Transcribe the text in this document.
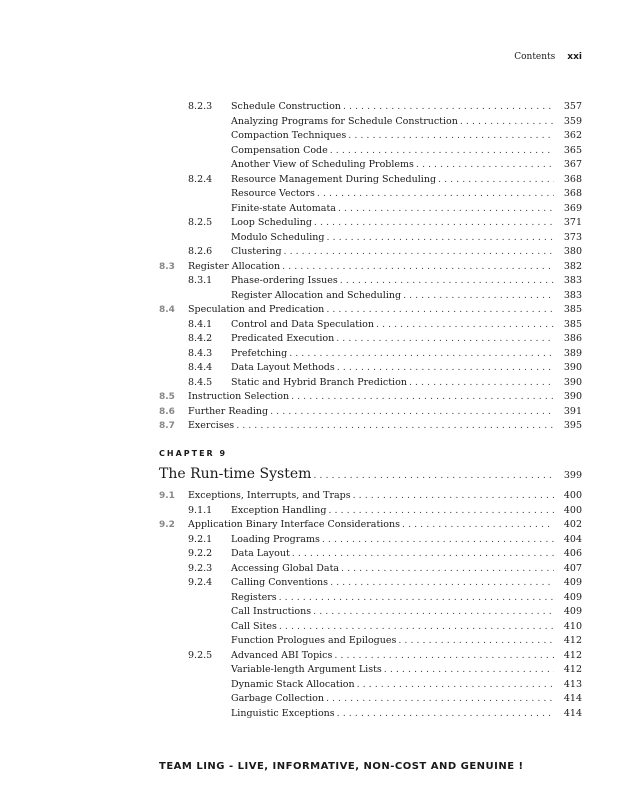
Contents xxi
8.2.3 Schedule Construction . . .	357
Analyzing Programs for Schedule Construction . . .	359
Compaction Techniques . . .	362
Compensation Code . . .	365
Another View of Scheduling Problems . . .	367
8.2.4 Resource Management During Scheduling . . .	368
Resource Vectors . . .	368
Finite-state Automata . . .	369
8.2.5 Loop Scheduling . . .	371
Modulo Scheduling . . .	373
8.2.6 Clustering . . .	380
8.3 Register Allocation . . .	382
8.3.1 Phase-ordering Issues . . .	383
Register Allocation and Scheduling . . .	383
8.4 Speculation and Predication . . .	385
8.4.1 Control and Data Speculation . . .	385
8.4.2 Predicated Execution . . .	386
8.4.3 Prefetching . . .	389
8.4.4 Data Layout Methods . . .	390
8.4.5 Static and Hybrid Branch Prediction . . .	390
8.5 Instruction Selection . . .	390
8.6 Further Reading . . .	391
8.7 Exercises . . .	395
CHAPTER 9
The Run-time System . . .	399
9.1 Exceptions, Interrupts, and Traps . . .	400
9.1.1 Exception Handling . . .	400
9.2 Application Binary Interface Considerations . . .	402
9.2.1 Loading Programs . . .	404
9.2.2 Data Layout . . .	406
9.2.3 Accessing Global Data . . .	407
9.2.4 Calling Conventions . . .	409
Registers . . .	409
Call Instructions . . .	409
Call Sites . . .	410
Function Prologues and Epilogues . . .	412
9.2.5 Advanced ABI Topics . . .	412
Variable-length Argument Lists . . .	412
Dynamic Stack Allocation . . .	413
Garbage Collection . . .	414
Linguistic Exceptions . . .	414
TEAM LING - LIVE, INFORMATIVE, NON-COST AND GENUINE !
